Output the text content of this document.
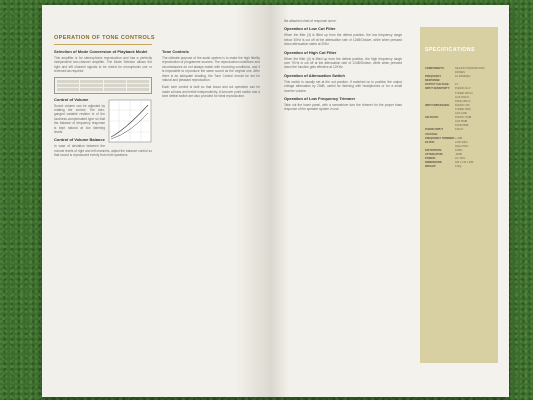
OPERATION OF TONE CONTROLS
Selection of Mode Conversion of Playback Model

This amplifier is for stereophonic reproduction and has a perfectly independent two-channel amplifier. The Mode Selector allows the right and left channel signals to be mixed for monophonic use or reversed as required.

Control of Volume

Sound volume can be adjusted by rotating the control. The twin-ganged variable resistor is of the loudness-compensated type so that the balance of frequency response is kept natural at low listening levels.

Control of Volume Balance

In case of deviation between the volume levels of right and left channels, adjust the balance control so that sound is reproduced evenly from both speakers.

Tone Controls

The ultimate purpose of the audio system is to make the high fidelity reproduction of programme sources. The reproduction conditions and circumstances do not always match with recording conditions, and it is impossible to reproduce the same sound as the original one. After there is an adequate shading, the Tone Control should be set for natural and pleasant reproduction.

Each tone control is built so that boost and cut operation can be made at bass and treble independently. A turnover point switch and a tone defeat switch are also provided for ideal reproduction.

the attached chart of response curve.

Operation of Low Cut Filter

When the filter (3) is lifted up from the defeat position, the low frequency range below 30Hz is cut off at the attenuation rate of 12dB/Octave, while when pressed down attenuation starts at 20Hz.

Operation of High Cut Filter

When the filter (4) is lifted up from the defeat position, the high frequency range over 7KHz is cut off at the attenuation rate of 12dB/Octave, while when pressed down the function gets effective at 12KHz.

Operation of Attenuation Switch

This switch is usually set at the out position. If switched on in position the output voltage attenuates by 20dB, useful for listening with headphones or for a small monitor volume.

Operation of Low Frequency Trimmer

Take out the lower panel, with a screwdriver turn the trimmer for the proper bass response of the speaker system in use.

SPECIFICATIONS
COMPONENTS:	SILICON TRANSISTORS
DIODES
FREQUENCY RESPONSE:
10-100000Hz
OUTPUT VOLTAGE:	1V
INPUT SENSITIVITY:	PHONO 2mV
TUNER 150mV
AUX 150mV
TAPE 150mV
INPUT IMPEDANCE:	PHONO 47K
TUNER 100K
AUX 100K
S/N RATIO:	PHONO 70dB
AUX 85dB
TAPE 85dB
PHONO INPUT VOLTAGE:
100mV
FREQUENCY TRIMMER: +-3dB
FILTER:	LOW 30Hz
HIGH 7KHz
DISTORTION:	0.05%
ATTENUATOR:	-20dB
POWER:	AC 100V
DIMENSIONS:	420 x 110 x 280
WEIGHT:	6.5kg
